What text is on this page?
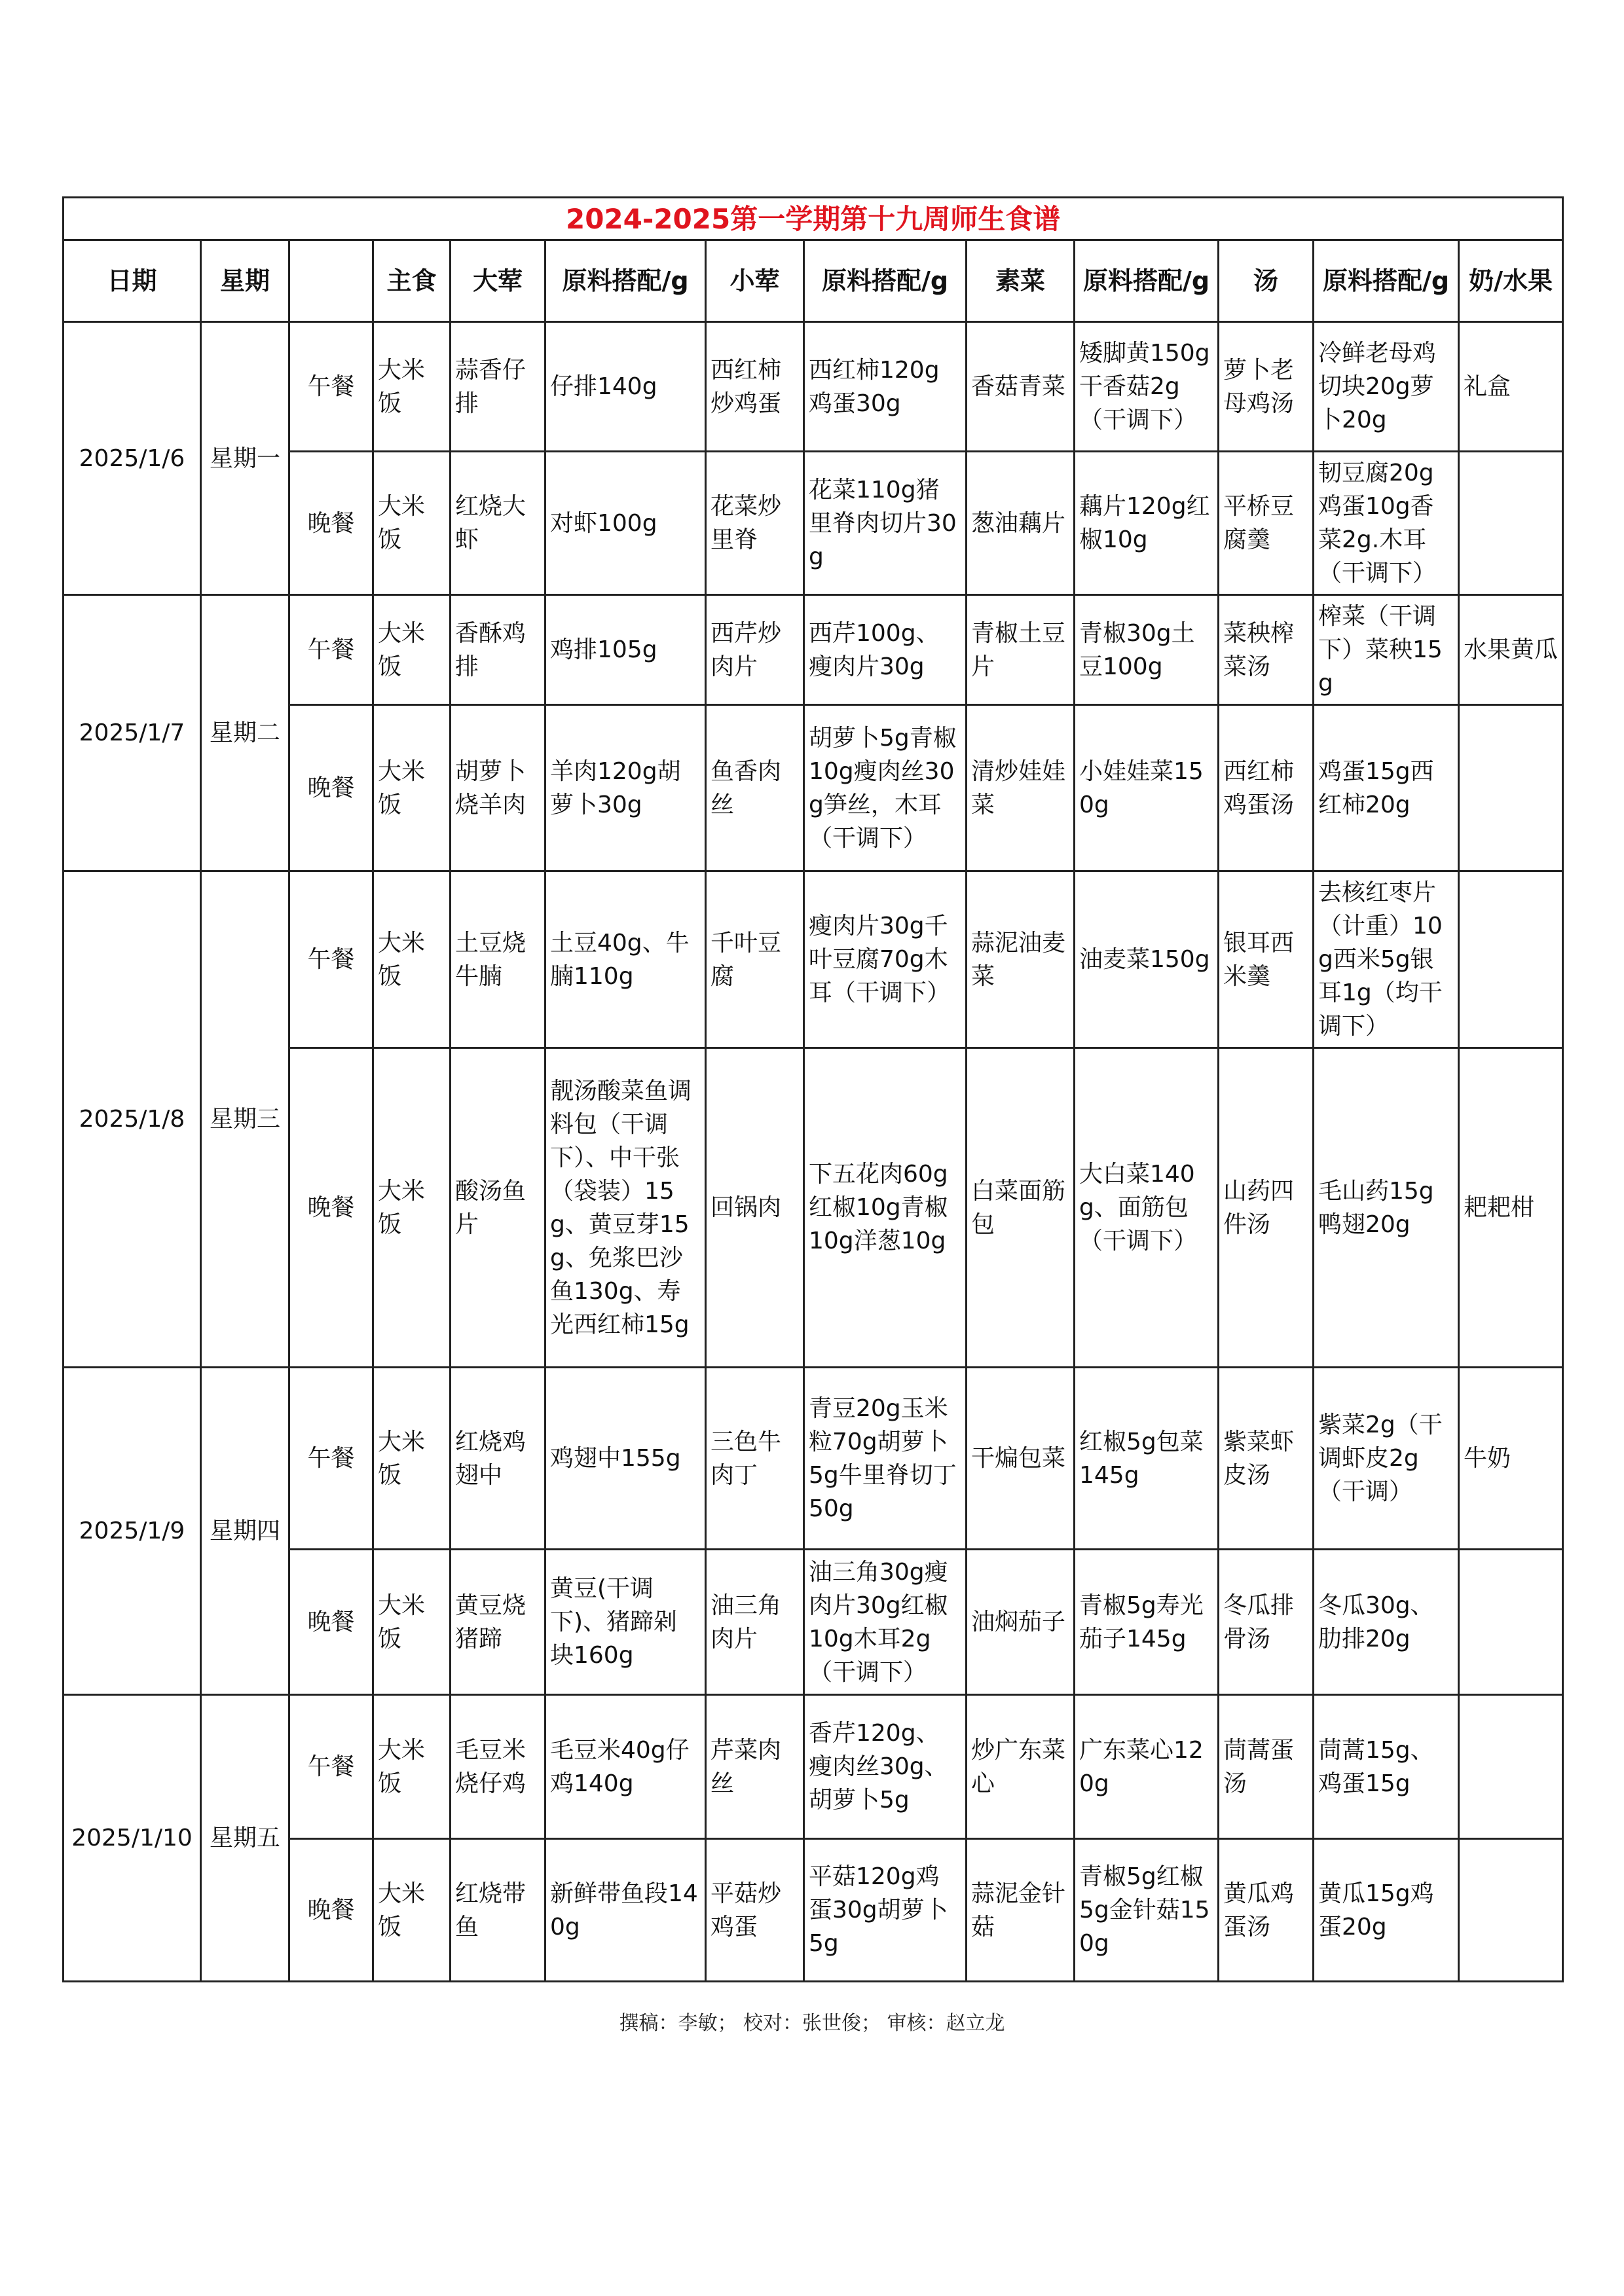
2024-2025第一学期第十九周师生食谱												
日期	星期		主食	大荤	原料搭配/g	小荤	原料搭配/g	素菜	原料搭配/g	汤	原料搭配/g	奶/水果
2025/1/6	星期一	午餐	大米饭	蒜香仔排	仔排140g	西红柿炒鸡蛋	西红柿120g鸡蛋30g	香菇青菜	矮脚黄150g干香菇2g（干调下）	萝卜老母鸡汤	冷鲜老母鸡切块20g萝卜20g	礼盒
		晚餐	大米饭	红烧大虾	对虾100g	花菜炒里脊	花菜110g猪里脊肉切片30g	葱油藕片	藕片120g红椒10g	平桥豆腐羹	韧豆腐20g鸡蛋10g香菜2g.木耳（干调下）	
2025/1/7	星期二	午餐	大米饭	香酥鸡排	鸡排105g	西芹炒肉片	西芹100g、瘦肉片30g	青椒土豆片	青椒30g土豆100g	菜秧榨菜汤	榨菜（干调下）菜秧15g	水果黄瓜
		晚餐	大米饭	胡萝卜烧羊肉	羊肉120g胡萝卜30g	鱼香肉丝	胡萝卜5g青椒10g瘦肉丝30g笋丝，木耳（干调下）	清炒娃娃菜	小娃娃菜150g	西红柿鸡蛋汤	鸡蛋15g西红柿20g	
2025/1/8	星期三	午餐	大米饭	土豆烧牛腩	土豆40g、牛腩110g	千叶豆腐	瘦肉片30g千叶豆腐70g木耳（干调下）	蒜泥油麦菜	油麦菜150g	银耳西米羹	去核红枣片（计重）10g西米5g银耳1g（均干调下）	
		晚餐	大米饭	酸汤鱼片	靓汤酸菜鱼调料包（干调下）、中干张（袋装）15g、黄豆芽15g、免浆巴沙鱼130g、寿光西红柿15g	回锅肉	下五花肉60g红椒10g青椒10g洋葱10g	白菜面筋包	大白菜140g、面筋包（干调下）	山药四件汤	毛山药15g鸭翅20g	耙耙柑
2025/1/9	星期四	午餐	大米饭	红烧鸡翅中	鸡翅中155g	三色牛肉丁	青豆20g玉米粒70g胡萝卜5g牛里脊切丁50g	干煸包菜	红椒5g包菜145g	紫菜虾皮汤	紫菜2g（干调虾皮2g（干调）	牛奶
		晚餐	大米饭	黄豆烧猪蹄	黄豆(干调下)、猪蹄剁块160g	油三角肉片	油三角30g瘦肉片30g红椒10g木耳2g（干调下）	油焖茄子	青椒5g寿光茄子145g	冬瓜排骨汤	冬瓜30g、肋排20g	
2025/1/10	星期五	午餐	大米饭	毛豆米烧仔鸡	毛豆米40g仔鸡140g	芹菜肉丝	香芹120g、瘦肉丝30g、胡萝卜5g	炒广东菜心	广东菜心120g	茼蒿蛋汤	茼蒿15g、鸡蛋15g	
		晚餐	大米饭	红烧带鱼	新鲜带鱼段140g	平菇炒鸡蛋	平菇120g鸡蛋30g胡萝卜5g	蒜泥金针菇	青椒5g红椒5g金针菇150g	黄瓜鸡蛋汤	黄瓜15g鸡蛋20g	
撰稿：李敏； 校对：张世俊； 审核：赵立龙
